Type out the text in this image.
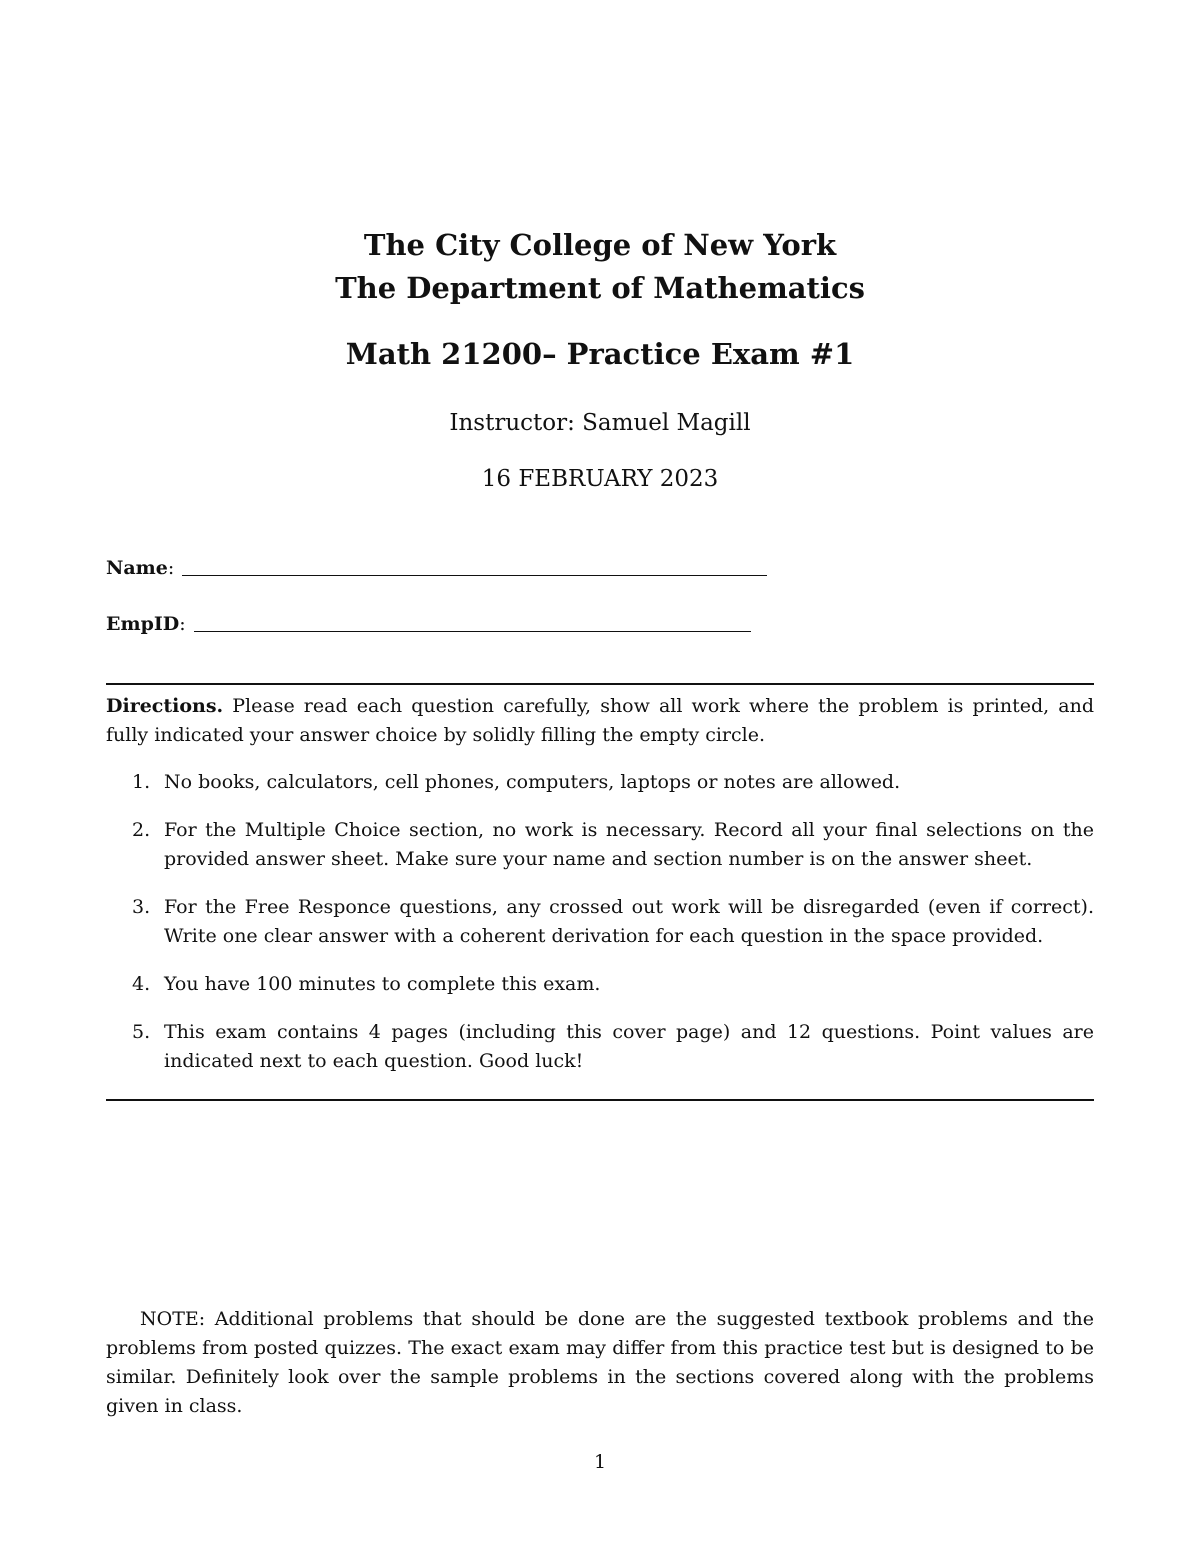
The City College of New York
The Department of Mathematics
Math 21200– Practice Exam #1
Instructor: Samuel Magill
16 FEBRUARY 2023
Name :
EmpID :
Directions. Please read each question carefully, show all work where the problem is printed, and fully indicated your answer choice by solidly filling the empty circle.
1. No books, calculators, cell phones, computers, laptops or notes are allowed.
2. For the Multiple Choice section, no work is necessary. Record all your final selections on the provided answer sheet. Make sure your name and section number is on the answer sheet.
3. For the Free Responce questions, any crossed out work will be disregarded (even if correct). Write one clear answer with a coherent derivation for each question in the space provided.
4. You have 100 minutes to complete this exam.
5. This exam contains 4 pages (including this cover page) and 12 questions. Point values are indicated next to each question. Good luck!
NOTE: Additional problems that should be done are the suggested textbook problems and the problems from posted quizzes. The exact exam may differ from this practice test but is designed to be similar. Definitely look over the sample problems in the sections covered along with the problems given in class.
1
